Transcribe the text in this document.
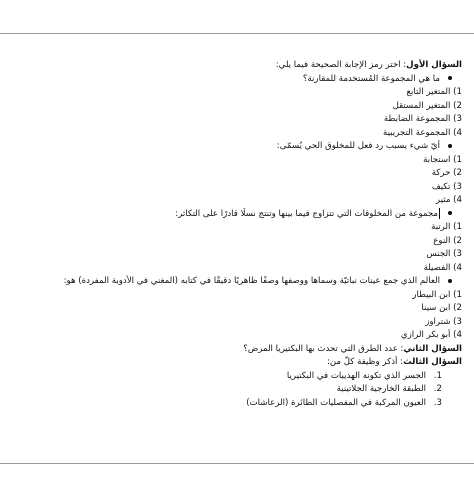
السؤال الأول: اختر رمز الإجابة الصحيحة فيما يلي:
ما هي المجموعة المُستخدمة للمقارنة؟
1) المتغير التابع
2) المتغير المستقل
3) المجموعة الضابطة
4) المجموعة التجريبية
أيّ شيء يسبب رد فعل للمخلوق الحي يُسمّى:
1) استجابة
2) حركة
3) تكيف
4) مثير
مجموعة من المخلوقات التي تتزاوج فيما بينها وتنتج نسلًا قادرًا على التكاثر:
1) الرتبة
2) النوع
3) الجنس
4) الفصيلة
العالم الذي جمع عينات نباتيّة وسماها ووصفها وصفًا ظاهريًا دقيقًا في كتابه (المغني في الأدوية المفردة) هو:
1) ابن البيطار
2) ابن سينا
3) شتراوز
4) أبو بكر الرازي
السؤال الثاني: عدد الطرق التي تحدث بها البكتيريا المرض؟
السؤال الثالث: أذكر وظيفة كلًّ من:
1.الجسر الذي تكونه الهديبات في البكتيريا
2.الطبقة الخارجية الجلاتينية
3.العيون المركبة في المفصليات الطائرة (الرعاشات)
